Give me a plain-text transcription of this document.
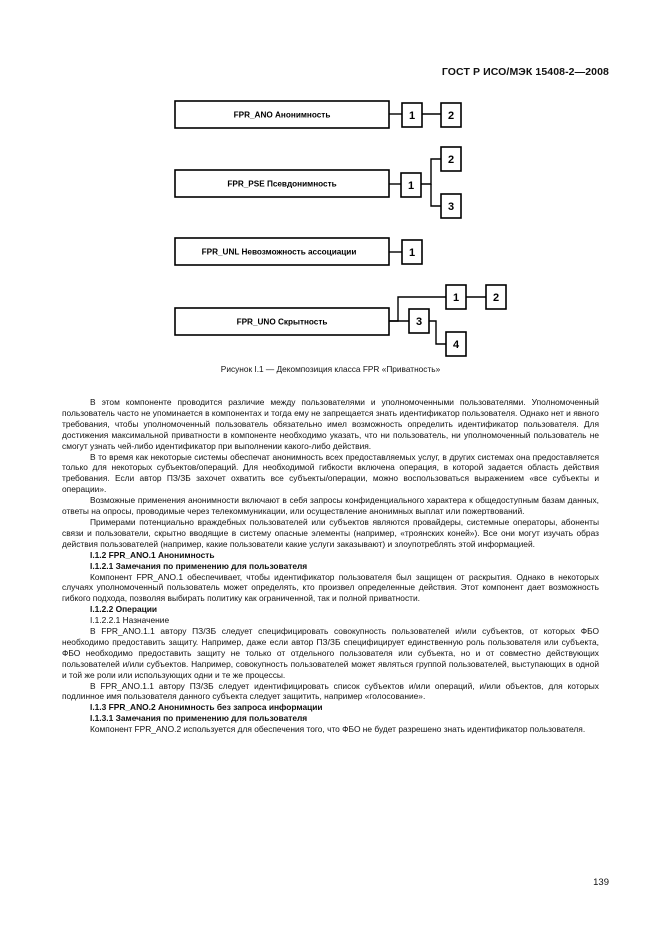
ГОСТ Р ИСО/МЭК 15408-2—2008
FPR_ANO Анонимность	1	2
FPR_PSE Псевдонимность	1
2
3
FPR_UNL Невозможность ассоциации	1
FPR_UNO Скрытность
1	2
3
4
Рисунок I.1 — Декомпозиция класса FPR «Приватность»

В этом компоненте проводится различие между пользователями и уполномоченными пользователями. Уполномоченный пользователь часто не упоминается в компонентах и тогда ему не запрещается знать идентификатор пользователя. Однако нет и явного требования, чтобы уполномоченный пользователь обязательно имел возможность определить идентификатор пользователя. Для достижения максимальной приватности в компоненте необходимо указать, что ни пользователь, ни уполномоченный пользователь не смогут узнать чей-либо идентификатор при выполнении какого-либо действия.

В то время как некоторые системы обеспечат анонимность всех предоставляемых услуг, в других системах она предоставляется только для некоторых субъектов/операций. Для необходимой гибкости включена операция, в которой задается область действия требования. Если автор ПЗ/ЗБ захочет охватить все субъекты/операции, можно воспользоваться выражением «все субъекты и операции».

Возможные применения анонимности включают в себя запросы конфиденциального характера к общедоступным базам данных, ответы на опросы, проводимые через телекоммуникации, или осуществление анонимных выплат или пожертвований.

Примерами потенциально враждебных пользователей или субъектов являются провайдеры, системные операторы, абоненты связи и пользователи, скрытно вводящие в систему опасные элементы (например, «троянских коней»). Все они могут изучать образ действия пользователей (например, какие пользователи какие услуги заказывают) и злоупотреблять этой информацией.

I.1.2 FPR_ANO.1 Анонимность

I.1.2.1 Замечания по применению для пользователя

Компонент FPR_ANO.1 обеспечивает, чтобы идентификатор пользователя был защищен от раскрытия. Однако в некоторых случаях уполномоченный пользователь может определять, кто произвел определенные действия. Этот компонент дает возможность гибкого подхода, позволяя выбирать политику как ограниченной, так и полной приватности.

I.1.2.2 Операции

I.1.2.2.1 Назначение

В FPR_ANO.1.1 автору ПЗ/ЗБ следует специфицировать совокупность пользователей и/или субъектов, от которых ФБО необходимо предоставить защиту. Например, даже если автор ПЗ/ЗБ специфицирует единственную роль пользователя или субъекта, ФБО необходимо предоставить защиту не только от отдельного пользователя или субъекта, но и от совместно действующих пользователей и/или субъектов. Например, совокупность пользователей может являться группой пользователей, выступающих в одной и той же роли или использующих одни и те же процессы.

В FPR_ANO.1.1 автору ПЗ/ЗБ следует идентифицировать список субъектов и/или операций, и/или объектов, для которых подлинное имя пользователя данного субъекта следует защитить, например «голосование».

I.1.3 FPR_ANO.2 Анонимность без запроса информации

I.1.3.1 Замечания по применению для пользователя

Компонент FPR_ANO.2 используется для обеспечения того, что ФБО не будет разрешено знать идентификатор пользователя.

139
